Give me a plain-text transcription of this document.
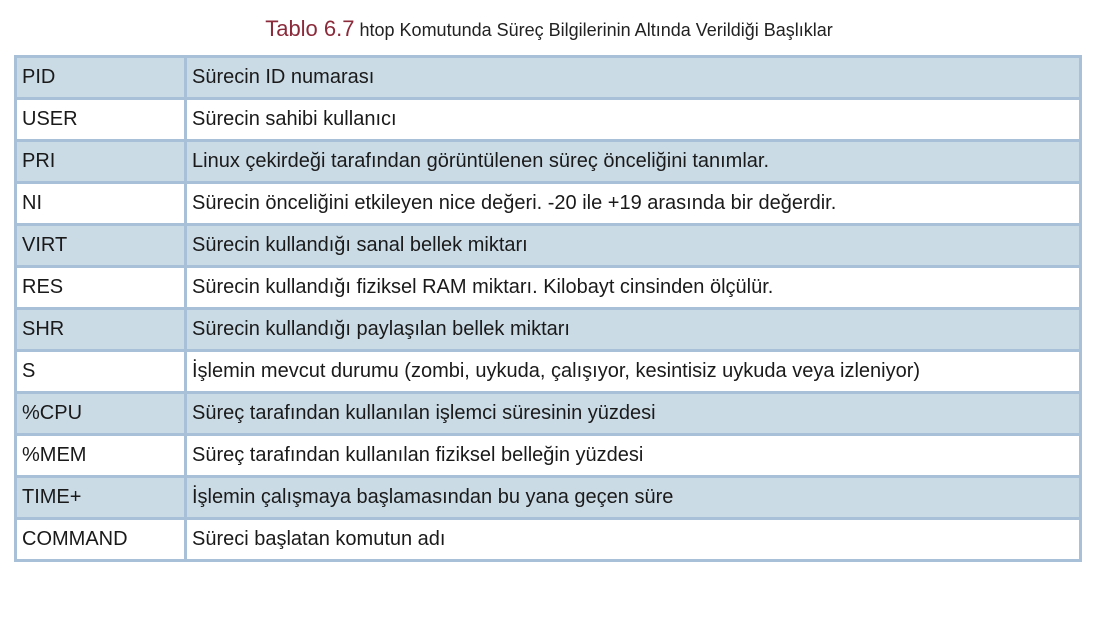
Tablo 6.7 htop Komutunda Süreç Bilgilerinin Altında Verildiği Başlıklar
PID	Sürecin ID numarası
USER	Sürecin sahibi kullanıcı
PRI	Linux çekirdeği tarafından görüntülenen süreç önceliğini tanımlar.
NI	Sürecin önceliğini etkileyen nice değeri. -20 ile +19 arasında bir değerdir.
VIRT	Sürecin kullandığı sanal bellek miktarı
RES	Sürecin kullandığı fiziksel RAM miktarı. Kilobayt cinsinden ölçülür.
SHR	Sürecin kullandığı paylaşılan bellek miktarı
S	İşlemin mevcut durumu (zombi, uykuda, çalışıyor, kesintisiz uykuda veya izleniyor)
%CPU	Süreç tarafından kullanılan işlemci süresinin yüzdesi
%MEM	Süreç tarafından kullanılan fiziksel belleğin yüzdesi
TIME+	İşlemin çalışmaya başlamasından bu yana geçen süre
COMMAND	Süreci başlatan komutun adı
